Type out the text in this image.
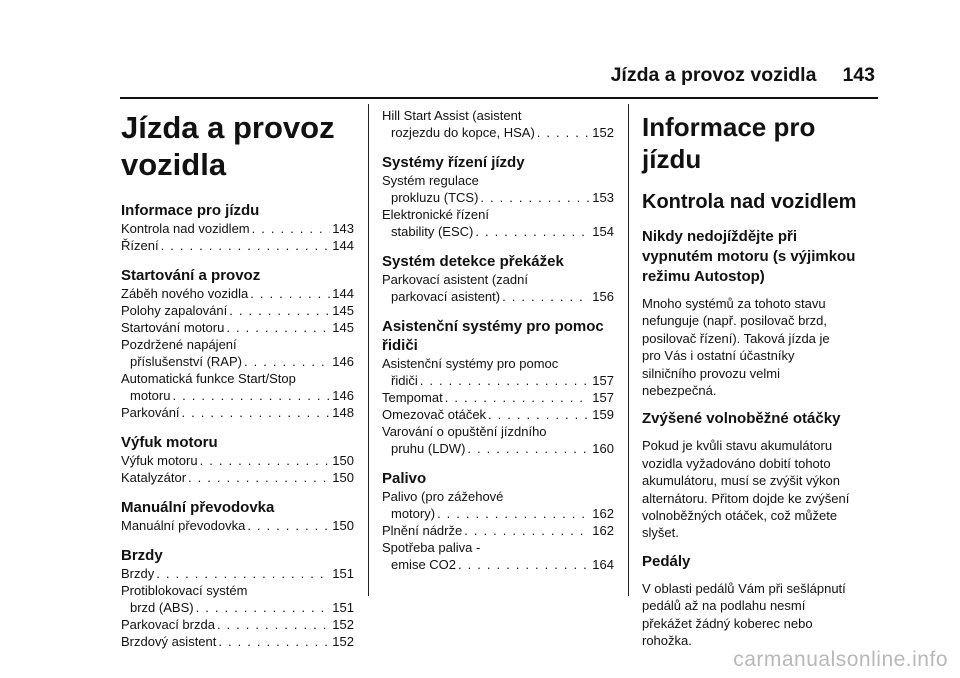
Jízda a provoz vozidla 143
Jízda a provoz
vozidla
Informace pro jízdu
Kontrola nad vozidlem . . .	143
Řízení . . .	144
Startování a provoz
Záběh nového vozidla . . .	144
Polohy zapalování . . .	145
Startování motoru . . .	145
Pozdržené napájení
příslušenství (RAP) . . .	146
Automatická funkce Start/Stop
motoru . . .	146
Parkování . . .	148
Výfuk motoru
Výfuk motoru . . .	150
Katalyzátor . . .	150
Manuální převodovka
Manuální převodovka . . .	150
Brzdy
Brzdy . . .	151
Protiblokovací systém
brzd (ABS) . . .	151
Parkovací brzda . . .	152
Brzdový asistent . . .	152
Hill Start Assist (asistent
rozjezdu do kopce, HSA) . . .	152
Systémy řízení jízdy
Systém regulace
prokluzu (TCS) . . .	153
Elektronické řízení
stability (ESC) . . .	154
Systém detekce překážek
Parkovací asistent (zadní
parkovací asistent) . . .	156
Asistenční systémy pro pomoc
řidiči
Asistenční systémy pro pomoc
řidiči . . .	157
Tempomat . . .	157
Omezovač otáček . . .	159
Varování o opuštění jízdního
pruhu (LDW) . . .	160
Palivo
Palivo (pro zážehové
motory) . . .	162
Plnění nádrže . . .	162
Spotřeba paliva -
emise CO2 . . .	164
Informace pro jízdu
Kontrola nad vozidlem
Nikdy nedojíždějte při
vypnutém motoru (s výjimkou
režimu Autostop)
Mnoho systémů za tohoto stavu
nefunguje (např. posilovač brzd,
posilovač řízení). Taková jízda je
pro Vás i ostatní účastníky
silničního provozu velmi
nebezpečná.
Zvýšené volnoběžné otáčky
Pokud je kvůli stavu akumulátoru
vozidla vyžadováno dobití tohoto
akumulátoru, musí se zvýšit výkon
alternátoru. Přitom dojde ke zvýšení
volnoběžných otáček, což můžete
slyšet.
Pedály
V oblasti pedálů Vám při sešlápnutí
pedálů až na podlahu nesmí
překážet žádný koberec nebo
rohožka.
carmanualsonline.info
